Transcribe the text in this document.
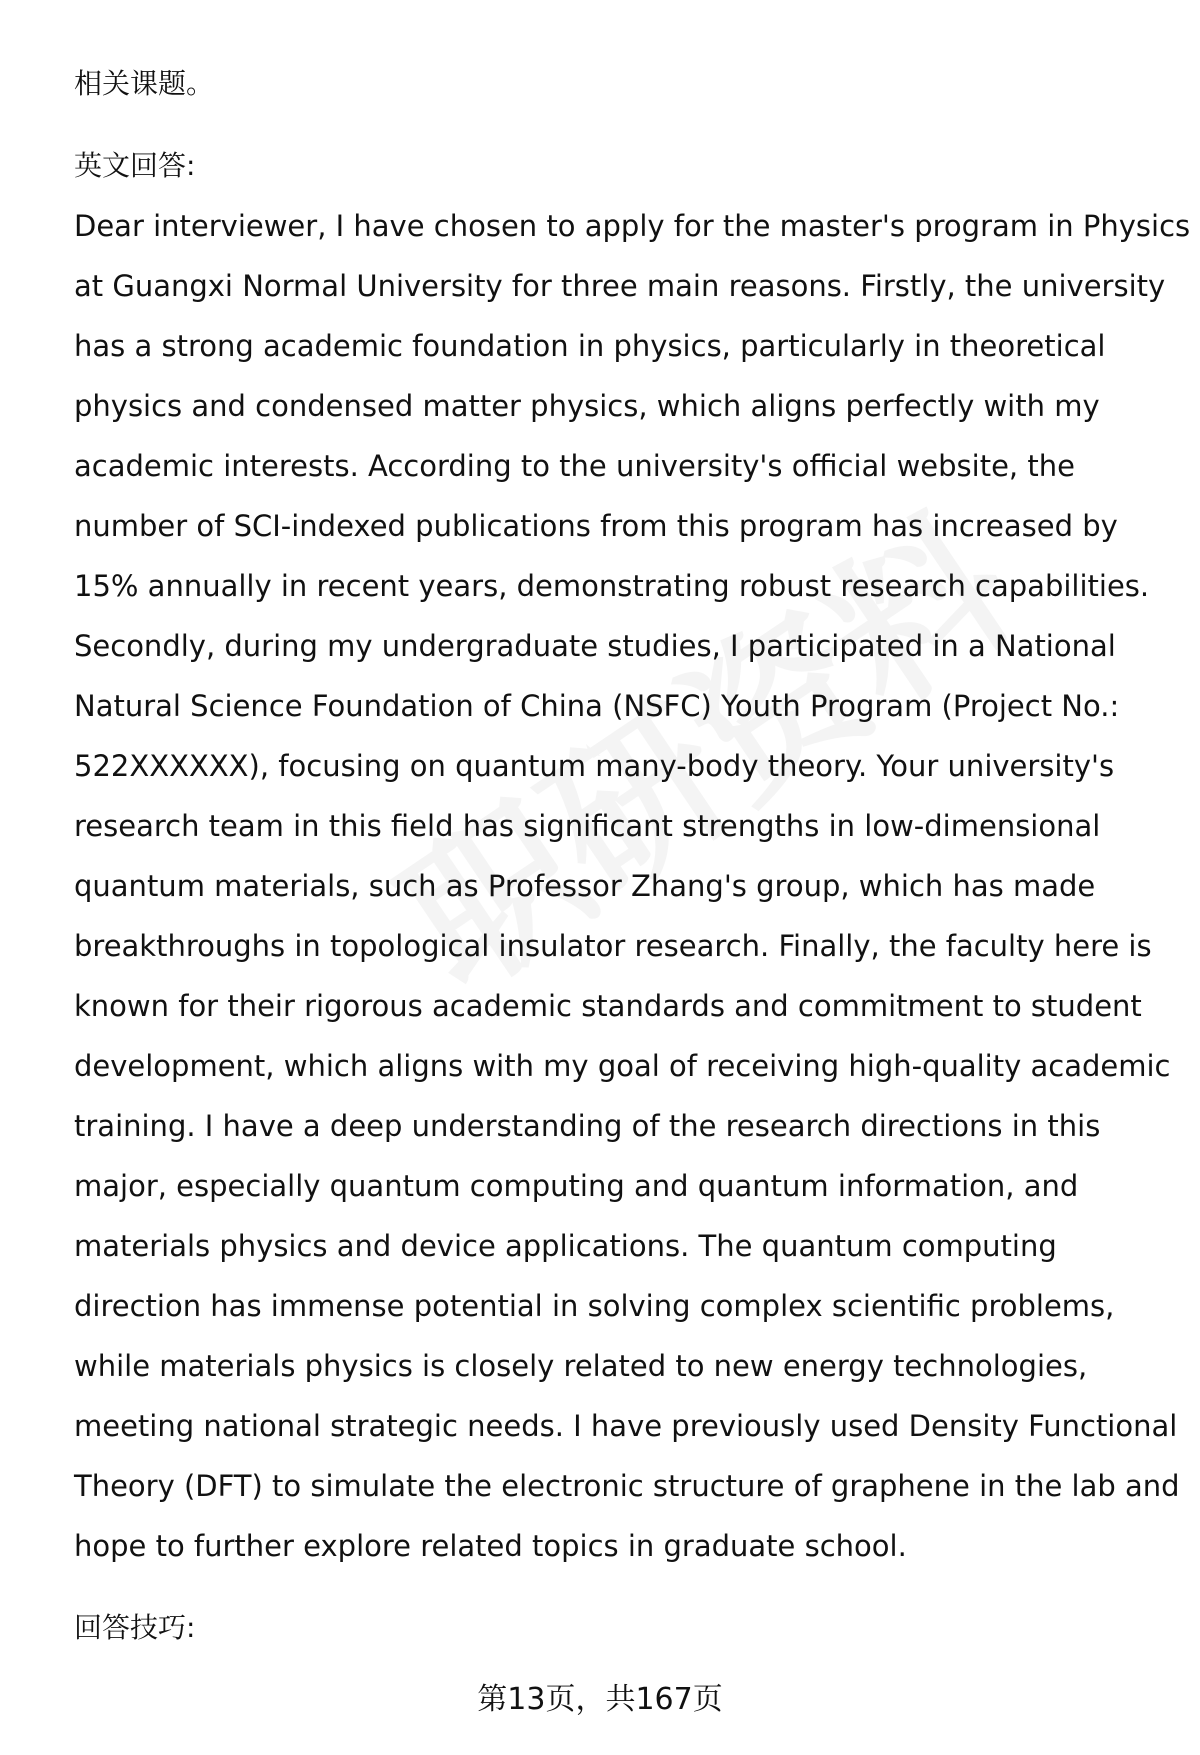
相关课题。
英文回答:
Dear interviewer, I have chosen to apply for the master's program in Physics
at Guangxi Normal University for three main reasons. Firstly, the university
has a strong academic foundation in physics, particularly in theoretical
physics and condensed matter physics, which aligns perfectly with my
academic interests. According to the university's official website, the
number of SCI-indexed publications from this program has increased by
15% annually in recent years, demonstrating robust research capabilities.
Secondly, during my undergraduate studies, I participated in a National
Natural Science Foundation of China (NSFC) Youth Program (Project No.:
522XXXXXX), focusing on quantum many-body theory. Your university's
research team in this field has significant strengths in low-dimensional
quantum materials, such as Professor Zhang's group, which has made
breakthroughs in topological insulator research. Finally, the faculty here is
known for their rigorous academic standards and commitment to student
development, which aligns with my goal of receiving high-quality academic
training. I have a deep understanding of the research directions in this
major, especially quantum computing and quantum information, and
materials physics and device applications. The quantum computing
direction has immense potential in solving complex scientific problems,
while materials physics is closely related to new energy technologies,
meeting national strategic needs. I have previously used Density Functional
Theory (DFT) to simulate the electronic structure of graphene in the lab and
hope to further explore related topics in graduate school.
回答技巧:
第13页，共167页
